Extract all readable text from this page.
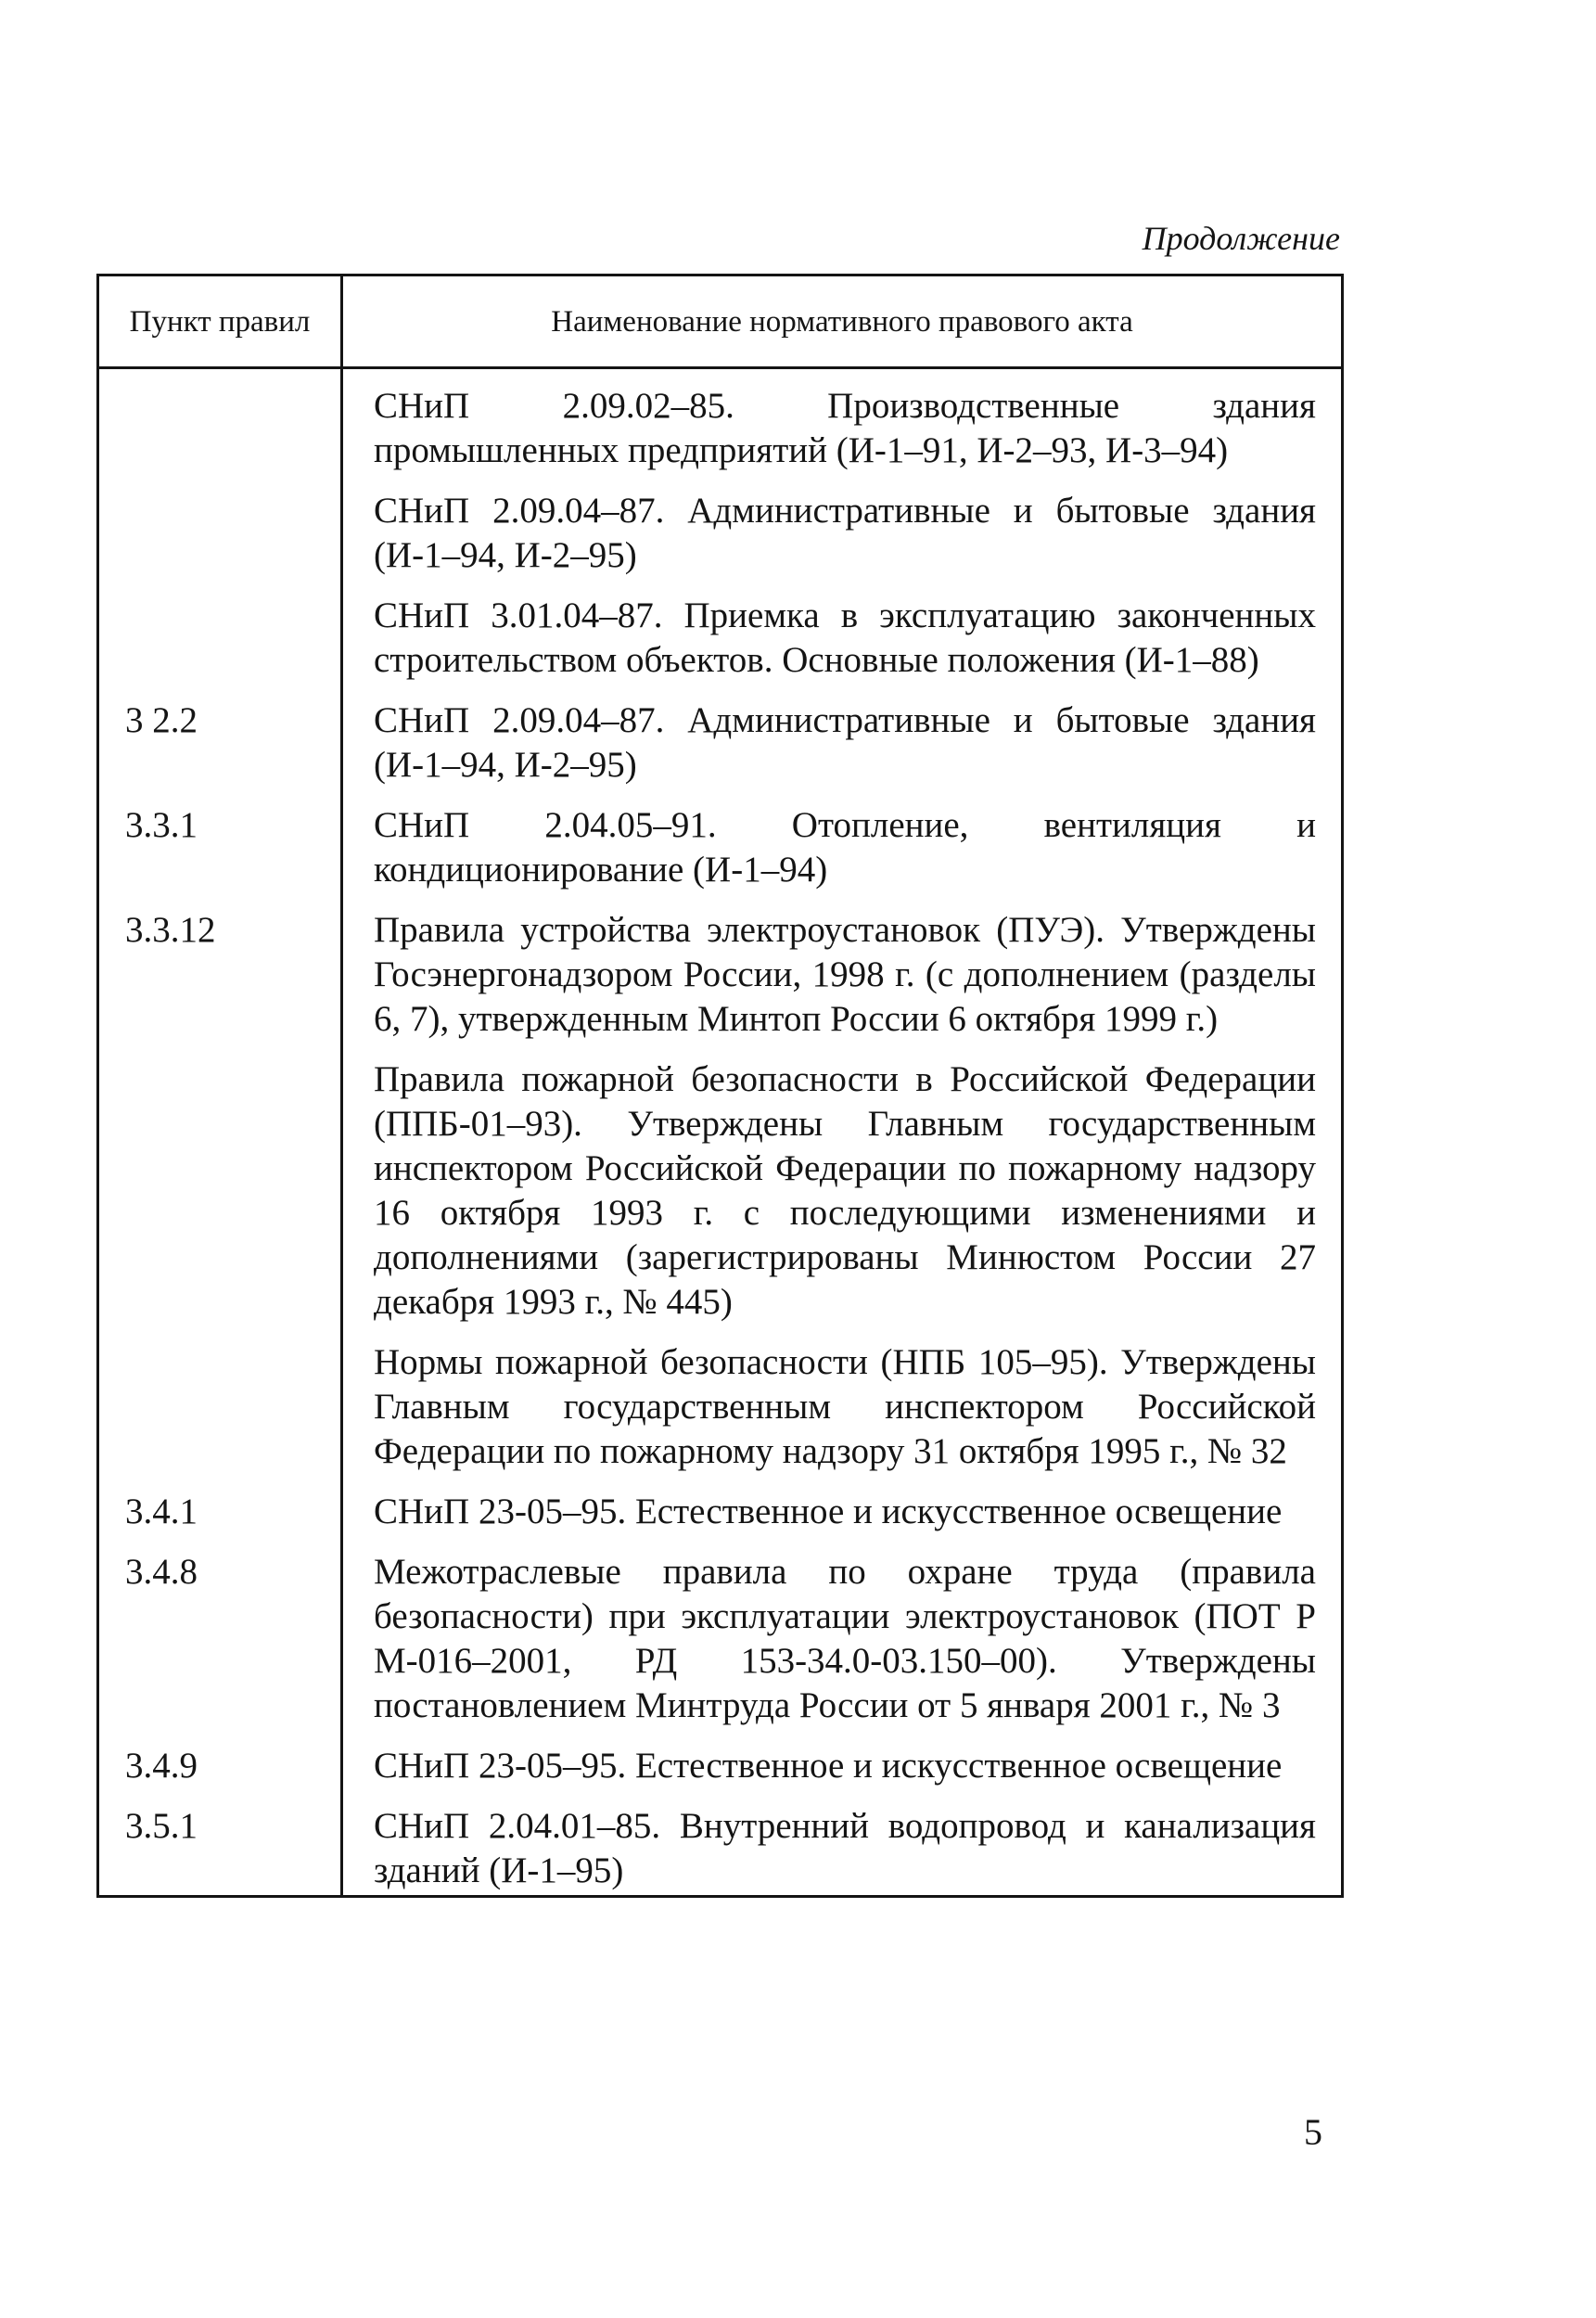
Продолжение
Пункт правил	Наименование нормативного правового акта
	СНиП 2.09.02–85. Производственные здания промышленных предприятий (И-1–91, И-2–93, И-3–94)
	СНиП 2.09.04–87. Административные и бытовые здания (И-1–94, И-2–95)
	СНиП 3.01.04–87. Приемка в эксплуатацию законченных строительством объектов. Основные положения (И-1–88)
3 2.2	СНиП 2.09.04–87. Административные и бытовые здания (И-1–94, И-2–95)
3.3.1	СНиП 2.04.05–91. Отопление, вентиляция и кондиционирование (И-1–94)
3.3.12	Правила устройства электроустановок (ПУЭ). Утверждены Госэнергонадзором России, 1998 г. (с дополнением (разделы 6, 7), утвержденным Минтоп России 6 октября 1999 г.)
	Правила пожарной безопасности в Российской Федерации (ППБ-01–93). Утверждены Главным государственным инспектором Российской Федерации по пожарному надзору 16 октября 1993 г. с последующими изменениями и дополнениями (зарегистрированы Минюстом России 27 декабря 1993 г., № 445)
	Нормы пожарной безопасности (НПБ 105–95). Утверждены Главным государственным инспектором Российской Федерации по пожарному надзору 31 октября 1995 г., № 32
3.4.1	СНиП 23-05–95. Естественное и искусственное освещение
3.4.8	Межотраслевые правила по охране труда (правила безопасности) при эксплуатации электроустановок (ПОТ Р М-016–2001, РД 153-34.0-03.150–00). Утверждены постановлением Минтруда России от 5 января 2001 г., № 3
3.4.9	СНиП 23-05–95. Естественное и искусственное освещение
3.5.1	СНиП 2.04.01–85. Внутренний водопровод и канализация зданий (И-1–95)
5
